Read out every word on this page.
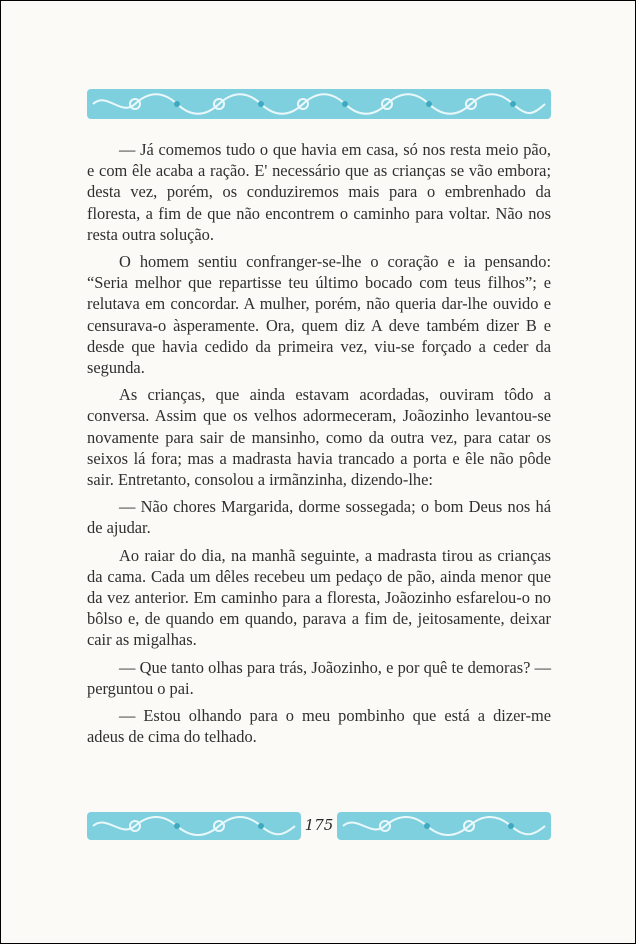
— Já comemos tudo o que havia em casa, só nos resta meio pão, e com êle acaba a ração. E' necessário que as crianças se vão embora; desta vez, porém, os conduziremos mais para o embrenhado da floresta, a fim de que não encontrem o caminho para voltar. Não nos resta outra solução.

O homem sentiu confranger-se-lhe o coração e ia pensando: “Seria melhor que repartisse teu último bocado com teus filhos”; e relutava em concordar. A mulher, porém, não queria dar-lhe ouvido e censurava-o àsperamente. Ora, quem diz A deve também dizer B e desde que havia cedido da primeira vez, viu-se forçado a ceder da segunda.

As crianças, que ainda estavam acordadas, ouviram tôdo a conversa. Assim que os velhos adormeceram, Joãozinho levantou-se novamente para sair de mansinho, como da outra vez, para catar os seixos lá fora; mas a madrasta havia trancado a porta e êle não pôde sair. Entretanto, consolou a irmãnzinha, dizendo-lhe:

— Não chores Margarida, dorme sossegada; o bom Deus nos há de ajudar.

Ao raiar do dia, na manhã seguinte, a madrasta tirou as crianças da cama. Cada um dêles recebeu um pedaço de pão, ainda menor que da vez anterior. Em caminho para a floresta, Joãozinho esfarelou-o no bôlso e, de quando em quando, parava a fim de, jeitosamente, deixar cair as migalhas.

— Que tanto olhas para trás, Joãozinho, e por quê te demoras? — perguntou o pai.

— Estou olhando para o meu pombinho que está a dizer-me adeus de cima do telhado.

175
